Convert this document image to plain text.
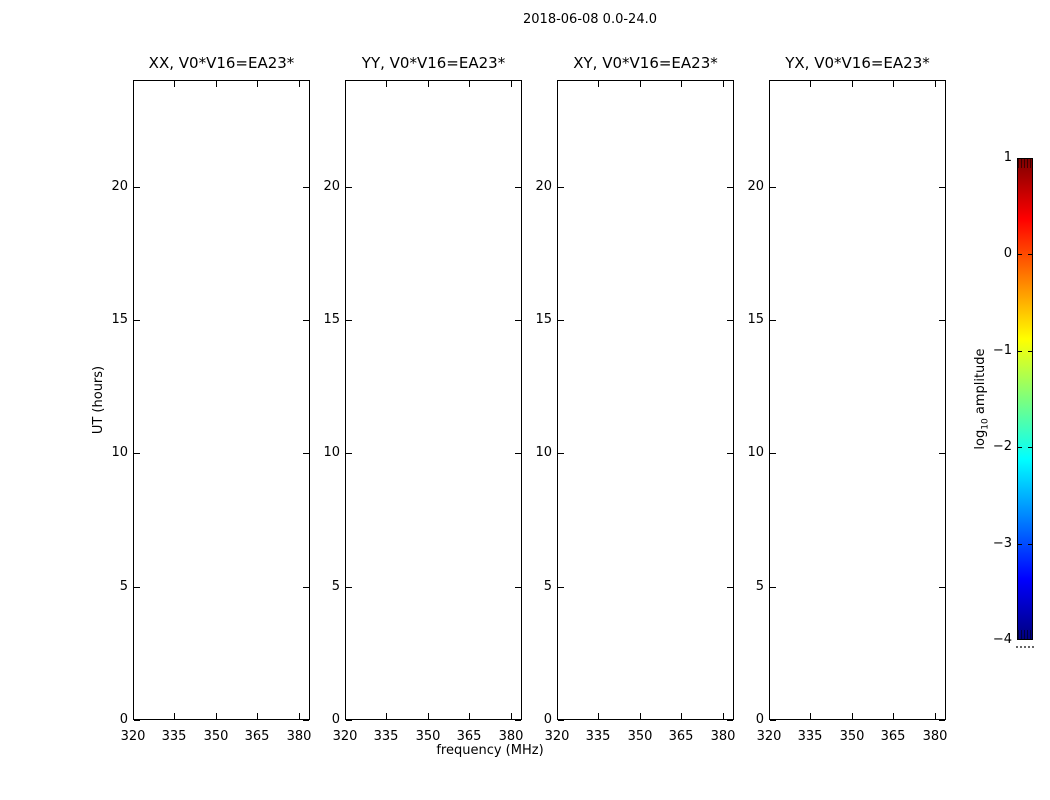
2018-06-08 0.0-24.0
frequency (MHz)
UT (hours)
$\log_{10}$ amplitude
XX, V0*V16=EA23*
320	335	350	365	380
0
5
10
15
20
YY, V0*V16=EA23*
320	335	350	365	380
0
5
10
15
20
XY, V0*V16=EA23*
320	335	350	365	380
0
5
10
15
20
YX, V0*V16=EA23*
320	335	350	365	380
0
5
10
15
20
1
0
−1
−2
−3
−4
